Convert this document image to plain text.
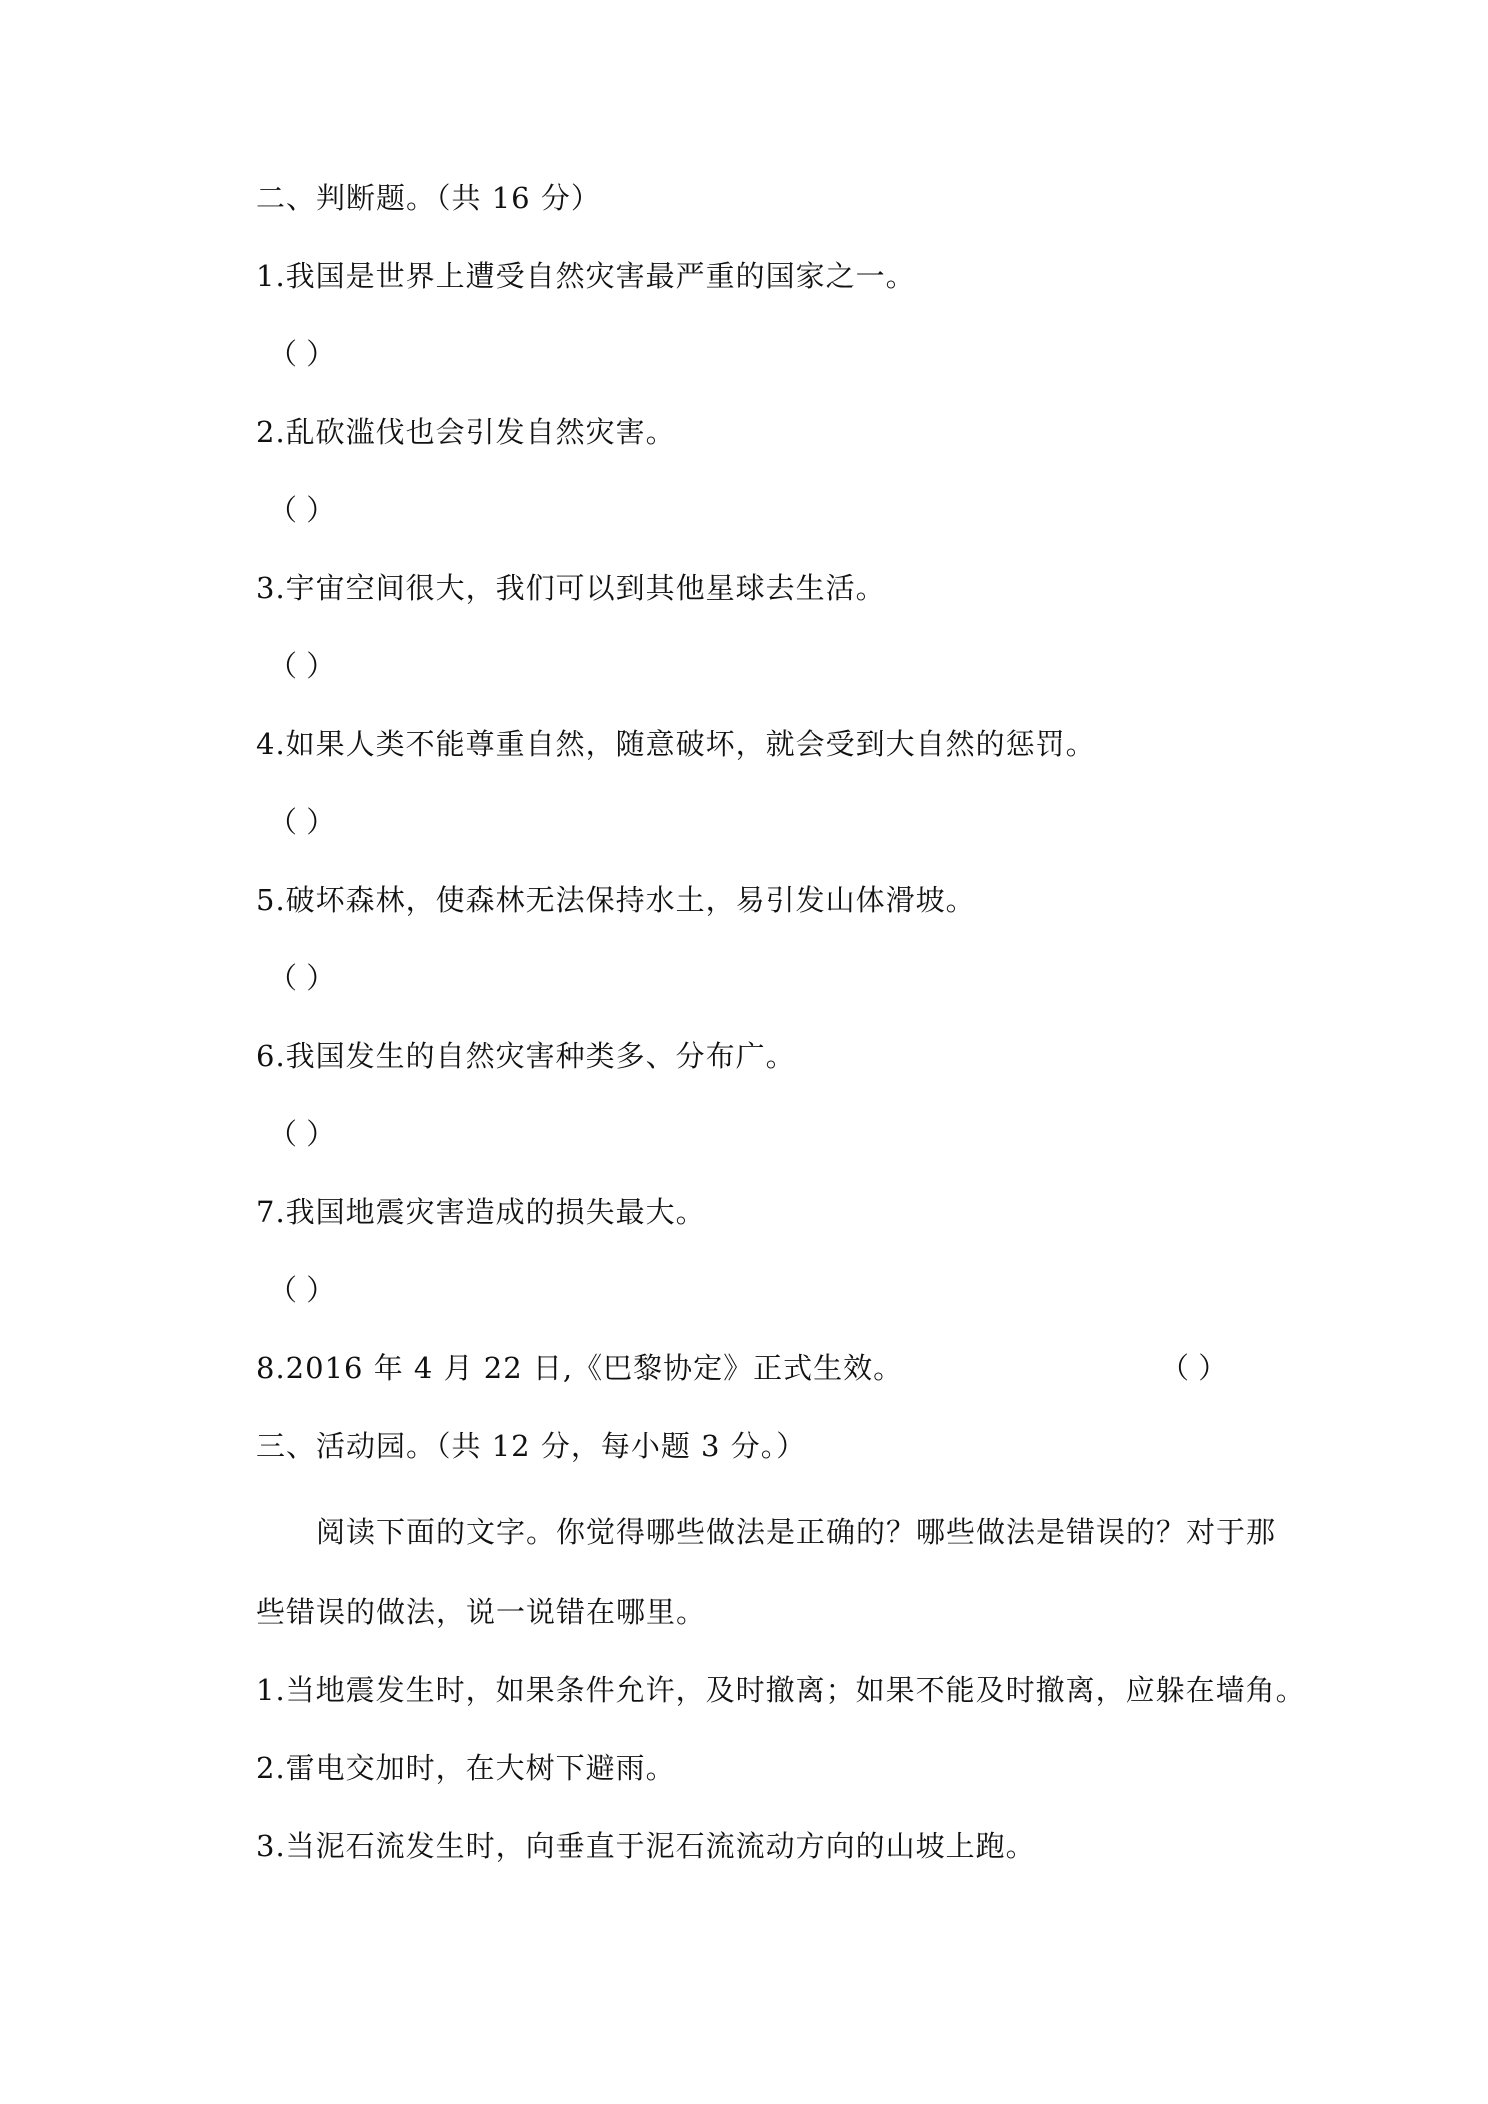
二、判断题。（共 16 分）
1.我国是世界上遭受自然灾害最严重的国家之一。
（ ）
2.乱砍滥伐也会引发自然灾害。
（ ）
3.宇宙空间很大，我们可以到其他星球去生活。
（ ）
4.如果人类不能尊重自然，随意破坏，就会受到大自然的惩罚。
（ ）
5.破坏森林，使森林无法保持水土，易引发山体滑坡。
（ ）
6.我国发生的自然灾害种类多、分布广。
（ ）
7.我国地震灾害造成的损失最大。
（ ）
8.2016 年 4 月 22 日,《巴黎协定》正式生效。	（ ）
三、活动园。（共 12 分，每小题 3 分。）
阅读下面的文字。你觉得哪些做法是正确的？哪些做法是错误的？对于那
些错误的做法，说一说错在哪里。
1.当地震发生时，如果条件允许，及时撤离；如果不能及时撤离，应躲在墙角。
2.雷电交加时，在大树下避雨。
3.当泥石流发生时，向垂直于泥石流流动方向的山坡上跑。
